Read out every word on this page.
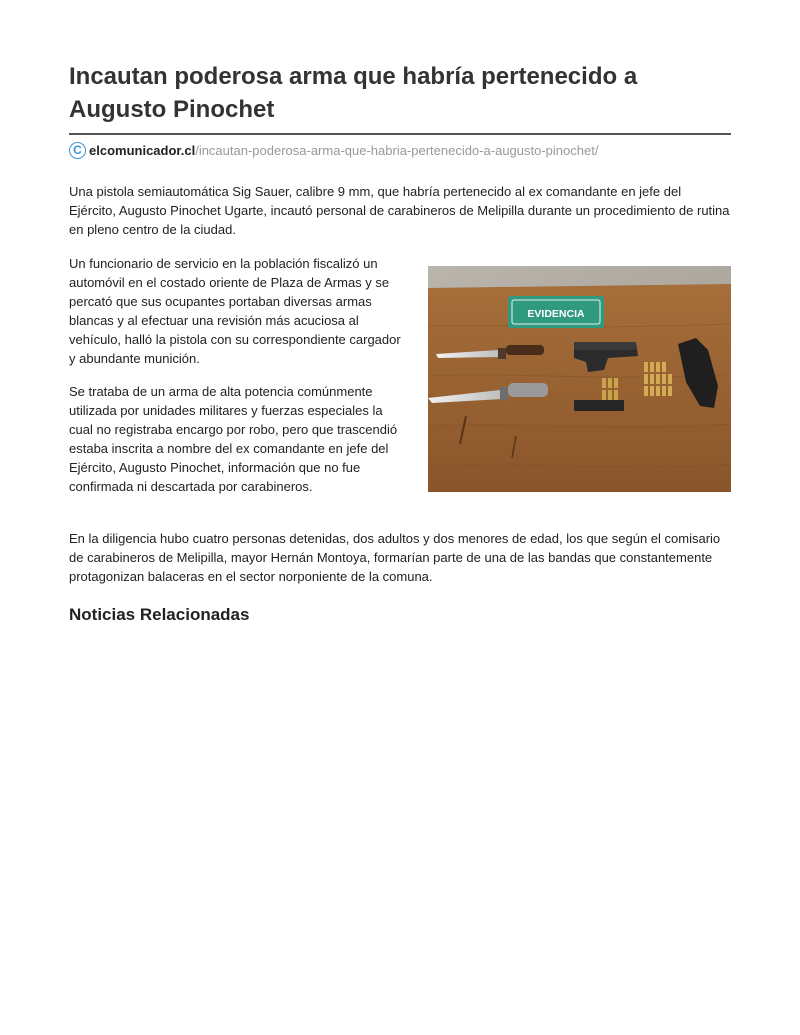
Incautan poderosa arma que habría pertenecido a Augusto Pinochet
C elcomunicador.cl /incautan-poderosa-arma-que-habria-pertenecido-a-augusto-pinochet/

Una pistola semiautomática Sig Sauer, calibre 9 mm, que habría pertenecido al ex comandante en jefe del Ejército, Augusto Pinochet Ugarte, incautó personal de carabineros de Melipilla durante un procedimiento de rutina en pleno centro de la ciudad.

Un funcionario de servicio en la población fiscalizó un automóvil en el costado oriente de Plaza de Armas y se percató que sus ocupantes portaban diversas armas blancas y al efectuar una revisión más acuciosa al vehículo, halló la pistola con su correspondiente cargador y abundante munición.

EVIDENCIA

Se trataba de un arma de alta potencia comúnmente utilizada por unidades militares y fuerzas especiales la cual no registraba encargo por robo, pero que trascendió estaba inscrita a nombre del ex comandante en jefe del Ejército, Augusto Pinochet, información que no fue confirmada ni descartada por carabineros.

En la diligencia hubo cuatro personas detenidas, dos adultos y dos menores de edad, los que según el comisario de carabineros de Melipilla, mayor Hernán Montoya, formarían parte de una de las bandas que constantemente protagonizan balaceras en el sector norponiente de la comuna.

Noticias Relacionadas
